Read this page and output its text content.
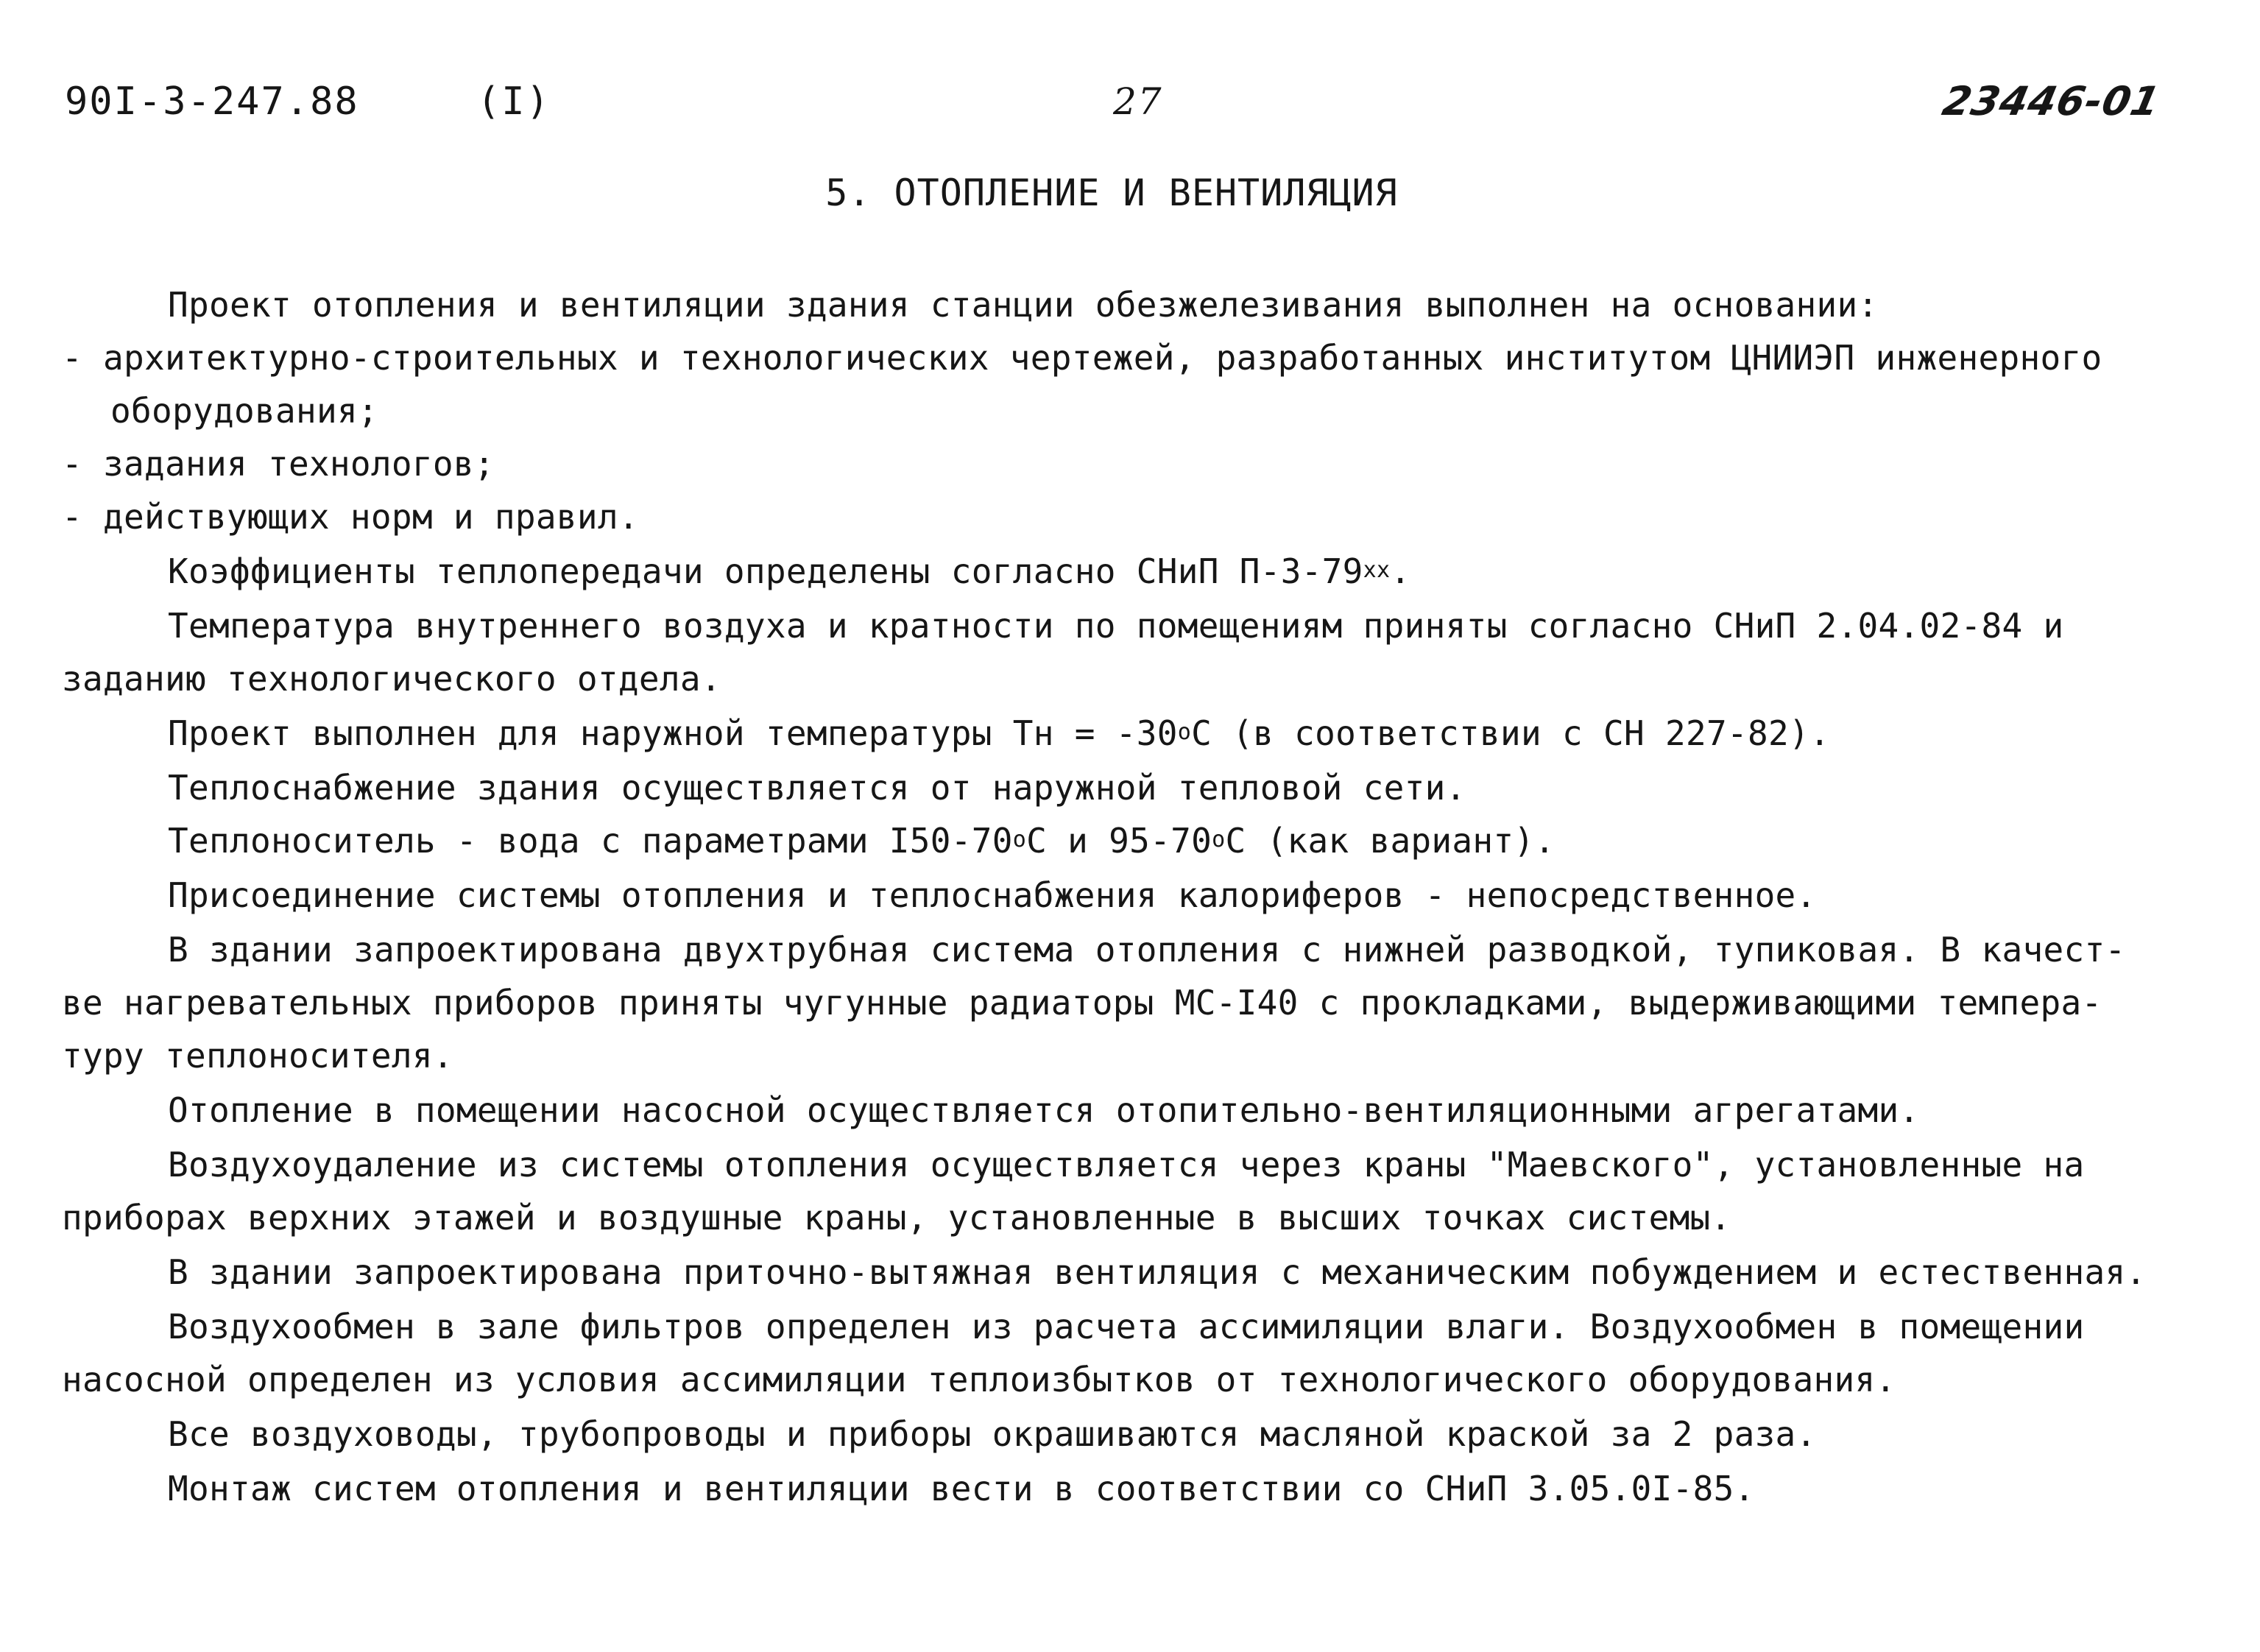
90I-3-247.88	(I)	27	23446-01
5. ОТОПЛЕНИЕ И ВЕНТИЛЯЦИЯ
Проект отопления и вентиляции здания станции обезжелезивания выполнен на основании:
- архитектурно-строительных и технологических чертежей, разработанных институтом ЦНИИЭП инженерного
оборудования;
- задания технологов;
- действующих норм и правил.
Коэффициенты теплопередачи определены согласно СНиП $П-3-79^{хх}$.
Температура внутреннего воздуха и кратности по помещениям приняты согласно СНиП 2.04.02-84 и
заданию технологического отдела.
Проект выполнен для наружной температуры Тн = $-30^оС$ (в соответствии с СН 227-82).
Теплоснабжение здания осуществляется от наружной тепловой сети.
Теплоноситель - вода с параметрами $І50-70^оС$ и $95-70^оС$ (как вариант).
Присоединение системы отопления и теплоснабжения калориферов - непосредственное.
В здании запроектирована двухтрубная система отопления с нижней разводкой, тупиковая. В качест-
ве нагревательных приборов приняты чугунные радиаторы МС-І40 с прокладками, выдерживающими темпера-
туру теплоносителя.
Отопление в помещении насосной осуществляется отопительно-вентиляционными агрегатами.
Воздухоудаление из системы отопления осуществляется через краны "Маевского", установленные на
приборах верхних этажей и воздушные краны, установленные в высших точках системы.
В здании запроектирована приточно-вытяжная вентиляция с механическим побуждением и естественная.
Воздухообмен в зале фильтров определен из расчета ассимиляции влаги. Воздухообмен в помещении
насосной определен из условия ассимиляции теплоизбытков от технологического оборудования.
Все воздуховоды, трубопроводы и приборы окрашиваются масляной краской за 2 раза.
Монтаж систем отопления и вентиляции вести в соответствии со СНиП 3.05.0I-85.
